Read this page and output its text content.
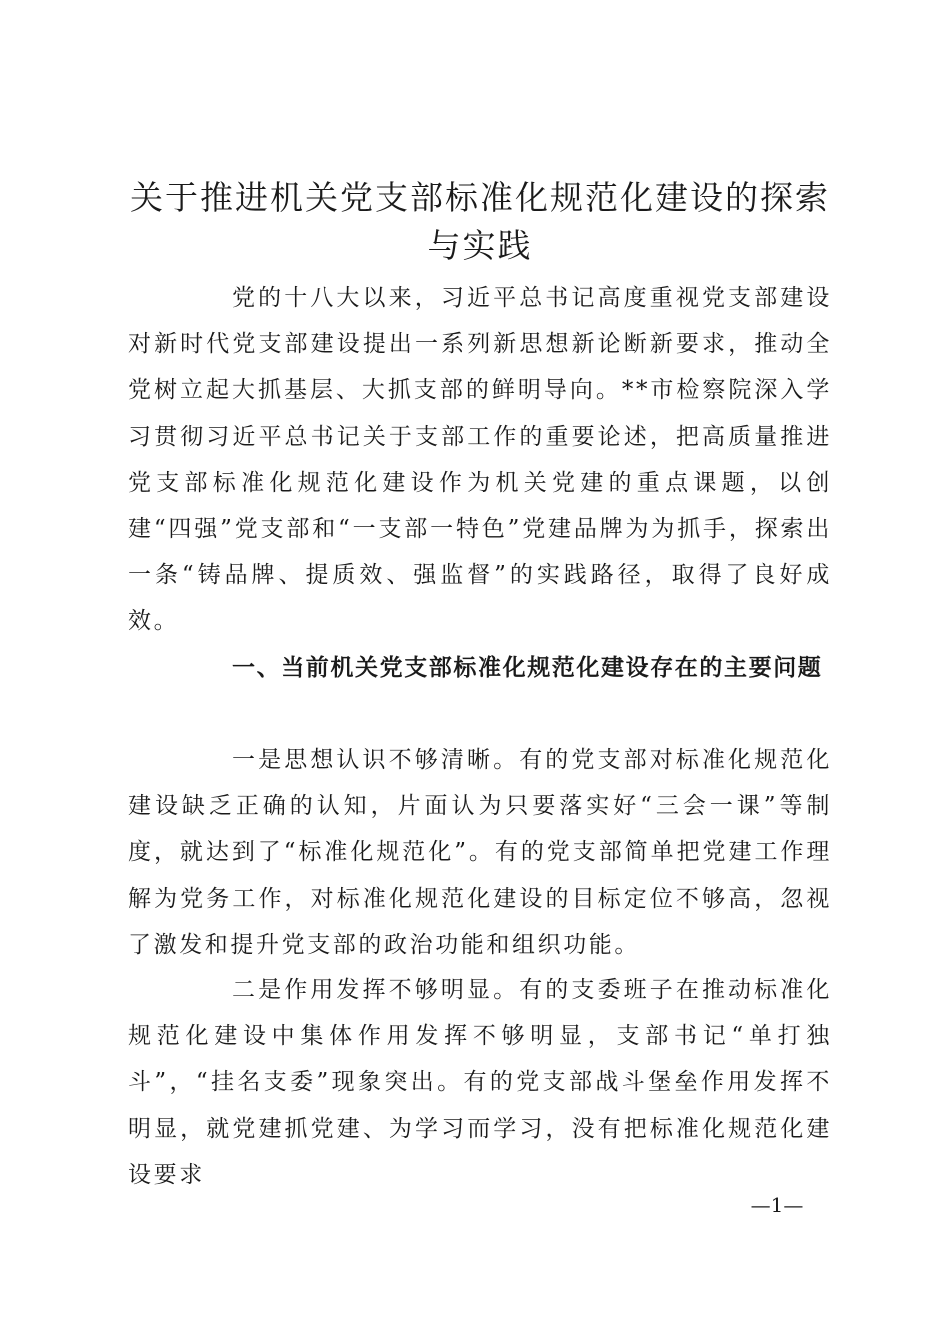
关于推进机关党支部标准化规范化建设的探索与实践

党的十八大以来，习近平总书记高度重视党支部建设对新时代党支部建设提出一系列新思想新论断新要求，推动全党树立起大抓基层、大抓支部的鲜明导向。**市检察院深入学习贯彻习近平总书记关于支部工作的重要论述，把高质量推进党支部标准化规范化建设作为机关党建的重点课题，以创建“四强”党支部和“一支部一特色”党建品牌为为抓手，探索出一条“铸品牌、提质效、强监督”的实践路径，取得了良好成效。

一、当前机关党支部标准化规范化建设存在的主要问题

一是思想认识不够清晰。有的党支部对标准化规范化建设缺乏正确的认知，片面认为只要落实好“三会一课”等制度，就达到了“标准化规范化”。有的党支部简单把党建工作理解为党务工作，对标准化规范化建设的目标定位不够高，忽视了激发和提升党支部的政治功能和组织功能。

二是作用发挥不够明显。有的支委班子在推动标准化规范化建设中集体作用发挥不够明显，支部书记“单打独斗”，“挂名支委”现象突出。有的党支部战斗堡垒作用发挥不明显，就党建抓党建、为学习而学习，没有把标准化规范化建设要求

—1—
